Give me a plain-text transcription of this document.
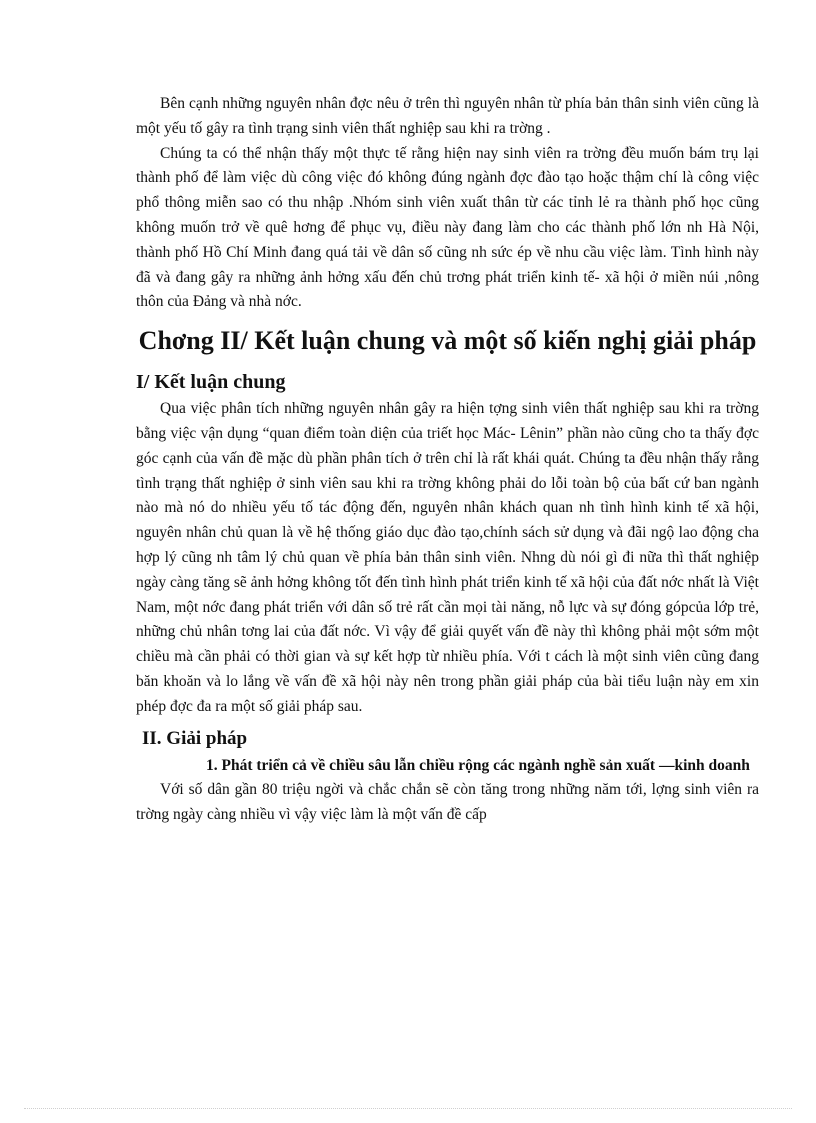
Bên cạnh những nguyên nhân đợc nêu ở trên thì nguyên nhân từ phía bản thân sinh viên cũng là một yếu tố gây ra tình trạng sinh viên thất nghiệp sau khi ra trờng .

Chúng ta có thể nhận thấy một thực tế rằng hiện nay sinh viên ra trờng đều muốn bám trụ lại thành phố để làm việc dù công việc đó không đúng ngành đợc đào tạo hoặc thậm chí là công việc phổ thông miễn sao có thu nhập .Nhóm sinh viên xuất thân từ các tỉnh lẻ ra thành phố học cũng không muốn trở về quê hơng để phục vụ, điều này đang làm cho các thành phố lớn nh Hà Nội, thành phố Hồ Chí Minh đang quá tải về dân số cũng nh sức ép về nhu cầu việc làm. Tình hình này đã và đang gây ra những ảnh hởng xấu đến chủ trơng phát triển kinh tế- xã hội ở miền núi ,nông thôn của Đảng và nhà nớc.

Chơng II/ Kết luận chung và một số kiến nghị giải pháp
I/ Kết luận chung

Qua việc phân tích những nguyên nhân gây ra hiện tợng sinh viên thất nghiệp sau khi ra trờng bằng việc vận dụng “quan điểm toàn diện của triết học Mác- Lênin” phần nào cũng cho ta thấy đợc góc cạnh của vấn đề mặc dù phần phân tích ở trên chỉ là rất khái quát. Chúng ta đều nhận thấy rằng tình trạng thất nghiệp ở sinh viên sau khi ra trờng không phải do lỗi toàn bộ của bất cứ ban ngành nào mà nó do nhiều yếu tố tác động đến, nguyên nhân khách quan nh tình hình kinh tế xã hội, nguyên nhân chủ quan là về hệ thống giáo dục đào tạo,chính sách sử dụng và đãi ngộ lao động cha hợp lý cũng nh tâm lý chủ quan về phía bản thân sinh viên. Nhng dù nói gì đi nữa thì thất nghiệp ngày càng tăng sẽ ảnh hởng không tốt đến tình hình phát triển kinh tế xã hội của đất nớc nhất là Việt Nam, một nớc đang phát triển với dân số trẻ rất cần mọi tài năng, nỗ lực và sự đóng gópcủa lớp trẻ, những chủ nhân tơng lai của đất nớc. Vì vậy để giải quyết vấn đề này thì không phải một sớm một chiều mà cần phải có thời gian và sự kết hợp từ nhiều phía. Với t cách là một sinh viên cũng đang băn khoăn và lo lắng về vấn đề xã hội này nên trong phần giải pháp của bài tiểu luận này em xin phép đợc đa ra một số giải pháp sau.

II. Giải pháp
1. Phát triển cả về chiều sâu lẫn chiều rộng các ngành nghề sản xuất —kinh doanh

Với số dân gần 80 triệu ngời và chắc chắn sẽ còn tăng trong những năm tới, lợng sinh viên ra trờng ngày càng nhiều vì vậy việc làm là một vấn đề cấp
